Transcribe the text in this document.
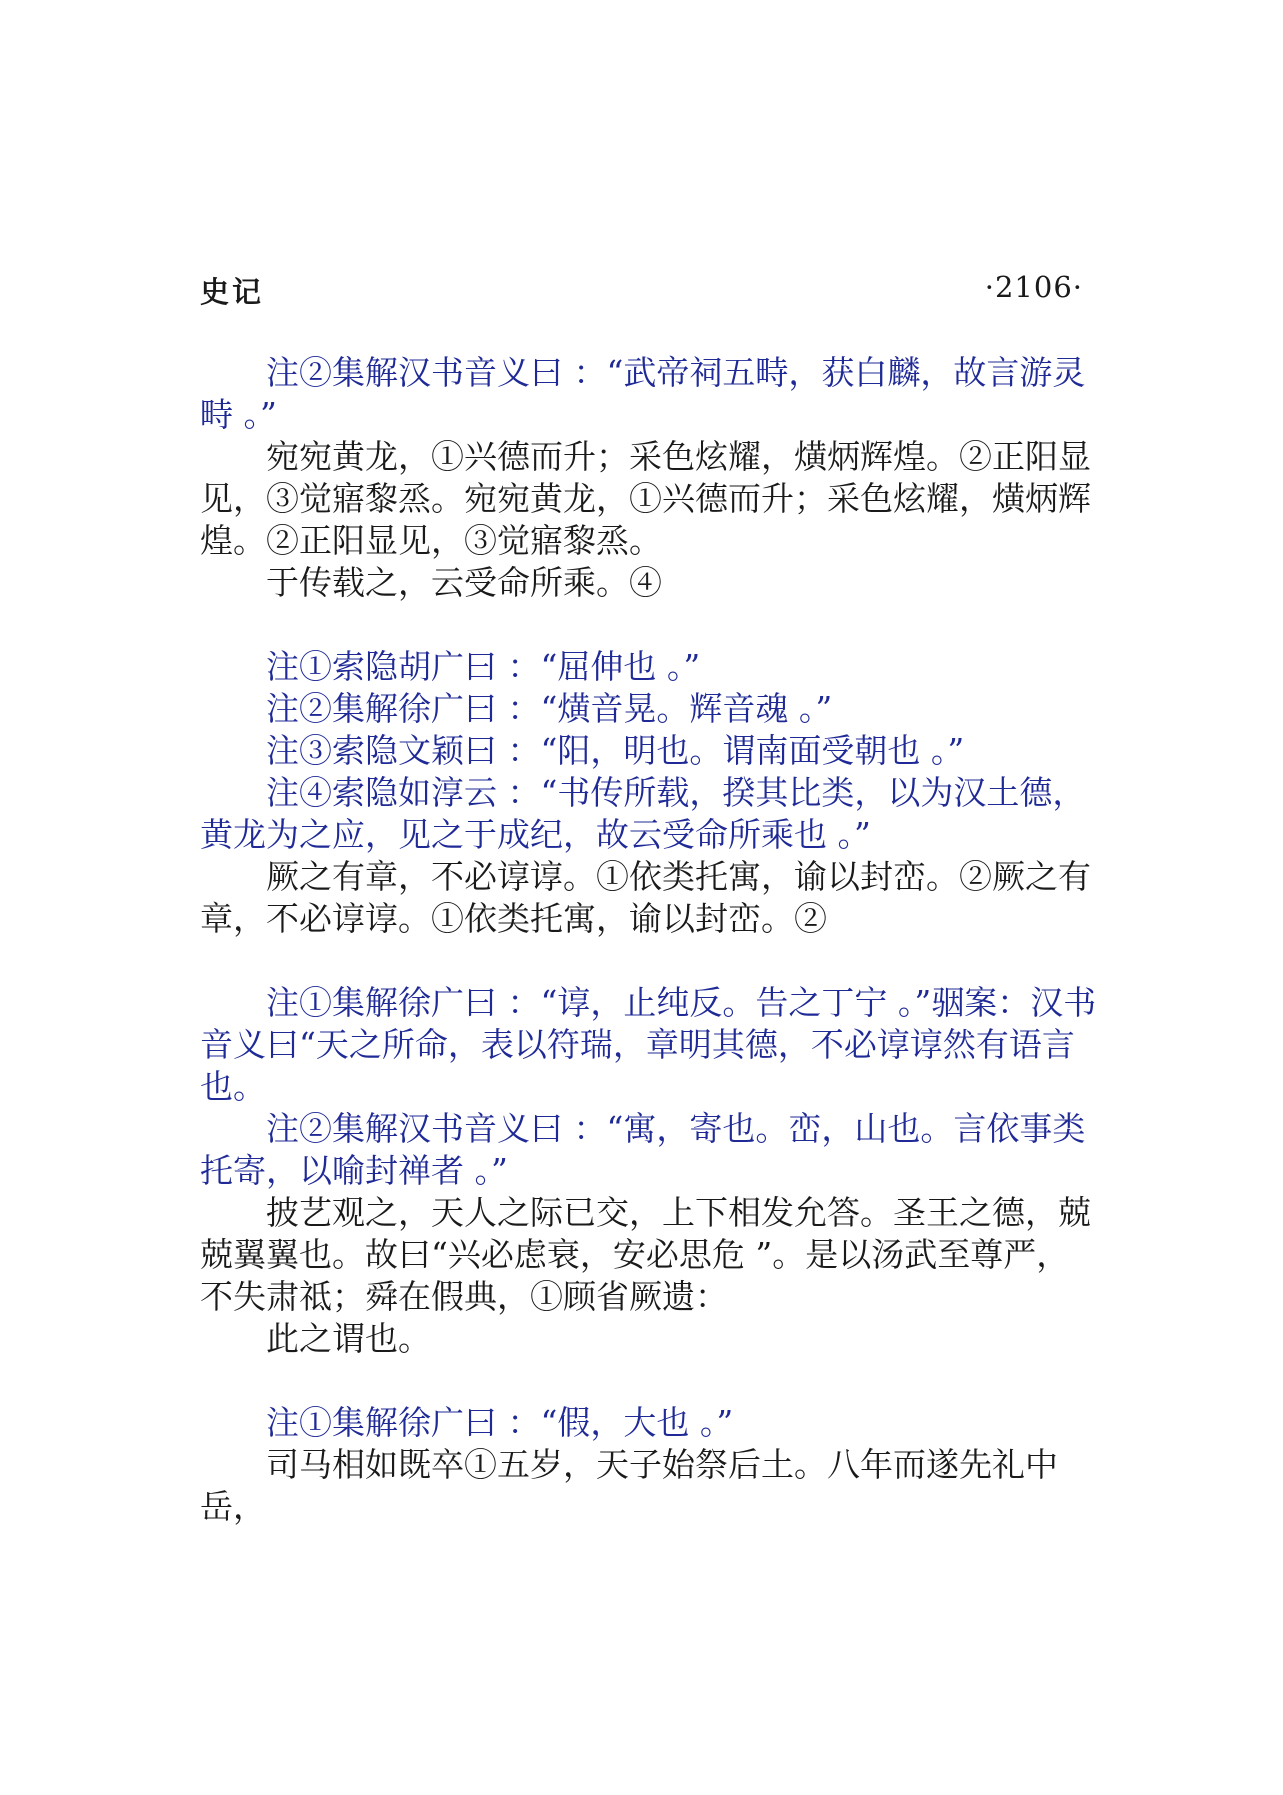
史记	·2106·

注②集解汉书音义曰 ：“武帝祠五畤，获白麟，故言游灵畤 。”

宛宛黄龙，①兴德而升；采色炫耀，熿炳辉煌。②正阳显见，③觉寤黎烝。宛宛黄龙，①兴德而升；采色炫耀，熿炳辉煌。②正阳显见，③觉寤黎烝。

于传载之，云受命所乘。④

注①索隐胡广曰 ：“屈伸也 。”

注②集解徐广曰 ：“熿音晃。辉音魂 。”

注③索隐文颖曰 ：“阳，明也。谓南面受朝也 。”

注④索隐如淳云 ：“书传所载，揆其比类，以为汉土德，黄龙为之应，见之于成纪，故云受命所乘也 。”

厥之有章，不必谆谆。①依类托寓，谕以封峦。②厥之有章，不必谆谆。①依类托寓，谕以封峦。②

注①集解徐广曰 ：“谆，止纯反。告之丁宁 。”骃案：汉书音义曰“天之所命，表以符瑞，章明其德，不必谆谆然有语言也。

注②集解汉书音义曰 ：“寓，寄也。峦，山也。言依事类托寄，以喻封禅者 。”

披艺观之，天人之际已交，上下相发允答。圣王之德，兢兢翼翼也。故曰“兴必虑衰，安必思危 ”。是以汤武至尊严，不失肃祗；舜在假典，①顾省厥遗：

此之谓也。

注①集解徐广曰 ：“假，大也 。”

司马相如既卒①五岁，天子始祭后土。八年而遂先礼中岳，
